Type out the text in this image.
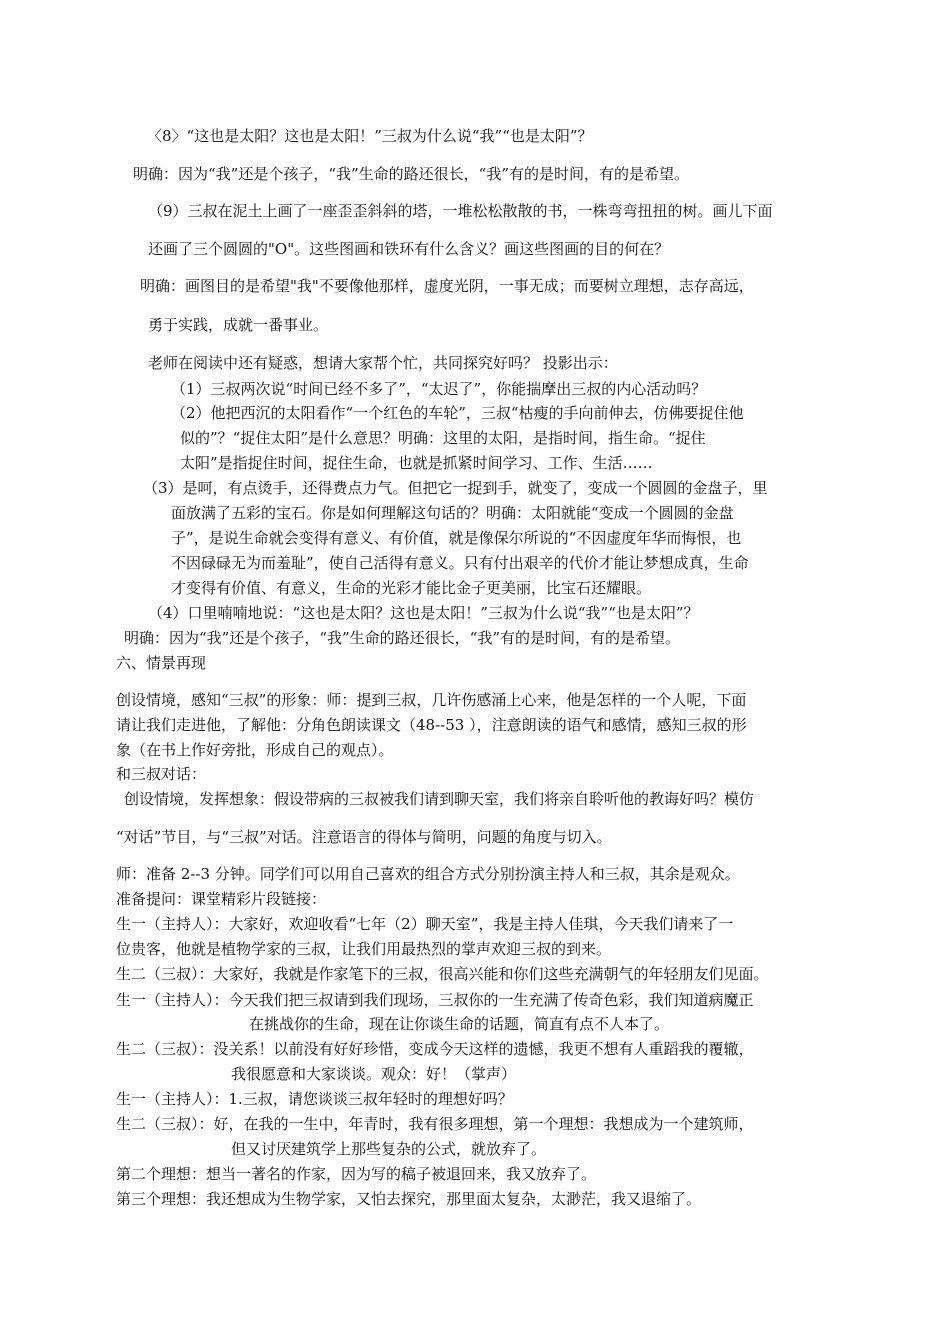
〈8〉“这也是太阳？这也是太阳！”三叔为什么说“我”“也是太阳”？
明确：因为“我”还是个孩子，“我”生命的路还很长，“我”有的是时间，有的是希望。
（9）三叔在泥土上画了一座歪歪斜斜的塔，一堆松松散散的书，一株弯弯扭扭的树。画儿下面
还画了三个圆圆的"O"。这些图画和铁环有什么含义？画这些图画的目的何在？
明确：画图目的是希望"我"不要像他那样，虚度光阴，一事无成；而要树立理想，志存高远，
勇于实践，成就一番事业。
老师在阅读中还有疑惑，想请大家帮个忙，共同探究好吗？ 投影出示：
（1）三叔两次说“时间已经不多了”，“太迟了”，你能揣摩出三叔的内心活动吗？
（2）他把西沉的太阳看作“一个红色的车轮”，三叔“枯瘦的手向前伸去，仿佛要捉住他
似的”？“捉住太阳”是什么意思？明确：这里的太阳，是指时间，指生命。“捉住
太阳”是指捉住时间，捉住生命，也就是抓紧时间学习、工作、生活……
（3）是呵，有点烫手，还得费点力气。但把它一捉到手，就变了，变成一个圆圆的金盘子，里
面放满了五彩的宝石。你是如何理解这句话的？明确：太阳就能“变成一个圆圆的金盘
子”，是说生命就会变得有意义、有价值，就是像保尔所说的“不因虚度年华而悔恨，也
不因碌碌无为而羞耻”，使自己活得有意义。只有付出艰辛的代价才能让梦想成真，生命
才变得有价值、有意义，生命的光彩才能比金子更美丽，比宝石还耀眼。
（4）口里喃喃地说：“这也是太阳？这也是太阳！”三叔为什么说“我”“也是太阳”？
明确：因为“我”还是个孩子，“我”生命的路还很长，“我”有的是时间，有的是希望。
六、情景再现
创设情境，感知“三叔”的形象：师：提到三叔，几许伤感涌上心来，他是怎样的一个人呢，下面
请让我们走进他，了解他：分角色朗读课文（48--53 ），注意朗读的语气和感情，感知三叔的形
象（在书上作好旁批，形成自己的观点）。
和三叔对话：
创设情境，发挥想象：假设带病的三叔被我们请到聊天室，我们将亲自聆听他的教诲好吗？模仿
“对话”节目，与“三叔”对话。注意语言的得体与简明，问题的角度与切入。
师：准备 2--3 分钟。同学们可以用自己喜欢的组合方式分别扮演主持人和三叔，其余是观众。
准备提问：课堂精彩片段链接：
生一（主持人）：大家好，欢迎收看“七年（2）聊天室”，我是主持人佳琪，今天我们请来了一
位贵客，他就是植物学家的三叔，让我们用最热烈的掌声欢迎三叔的到来。
生二（三叔）：大家好，我就是作家笔下的三叔，很高兴能和你们这些充满朝气的年轻朋友们见面。
生一（主持人）：今天我们把三叔请到我们现场，三叔你的一生充满了传奇色彩，我们知道病魔正
在挑战你的生命，现在让你谈生命的话题，简直有点不人本了。
生二（三叔）：没关系！以前没有好好珍惜，变成今天这样的遗憾，我更不想有人重蹈我的覆辙，
我很愿意和大家谈谈。观众：好！（掌声）
生一（主持人）：1.三叔，请您谈谈三叔年轻时的理想好吗？
生二（三叔）：好，在我的一生中，年青时，我有很多理想，第一个理想：我想成为一个建筑师，
但又讨厌建筑学上那些复杂的公式，就放弃了。
第二个理想：想当一著名的作家，因为写的稿子被退回来，我又放弃了。
第三个理想：我还想成为生物学家，又怕去探究，那里面太复杂，太渺茫，我又退缩了。
